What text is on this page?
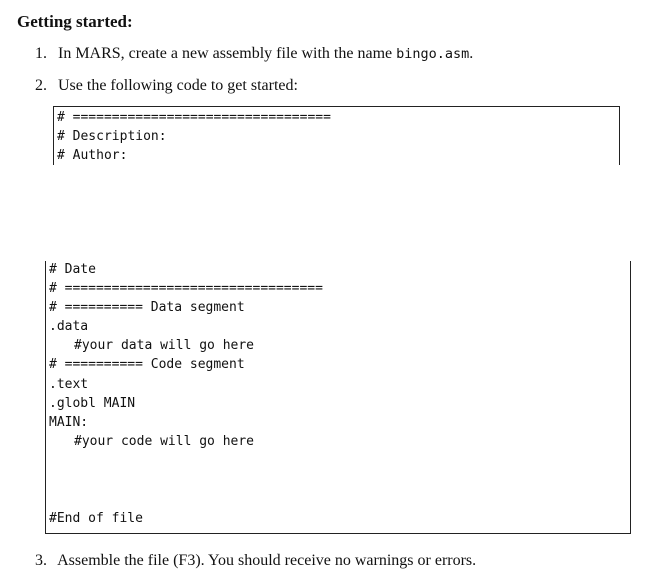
Getting started:
1. In MARS, create a new assembly file with the name bingo.asm.
2. Use the following code to get started:
# =================================
# Description:
# Author:
# Date
# =================================
# ========== Data segment
.data
#your data will go here
# ========== Code segment
.text
.globl MAIN
MAIN:
#your code will go here
#End of file
3. Assemble the file (F3). You should receive no warnings or errors.
